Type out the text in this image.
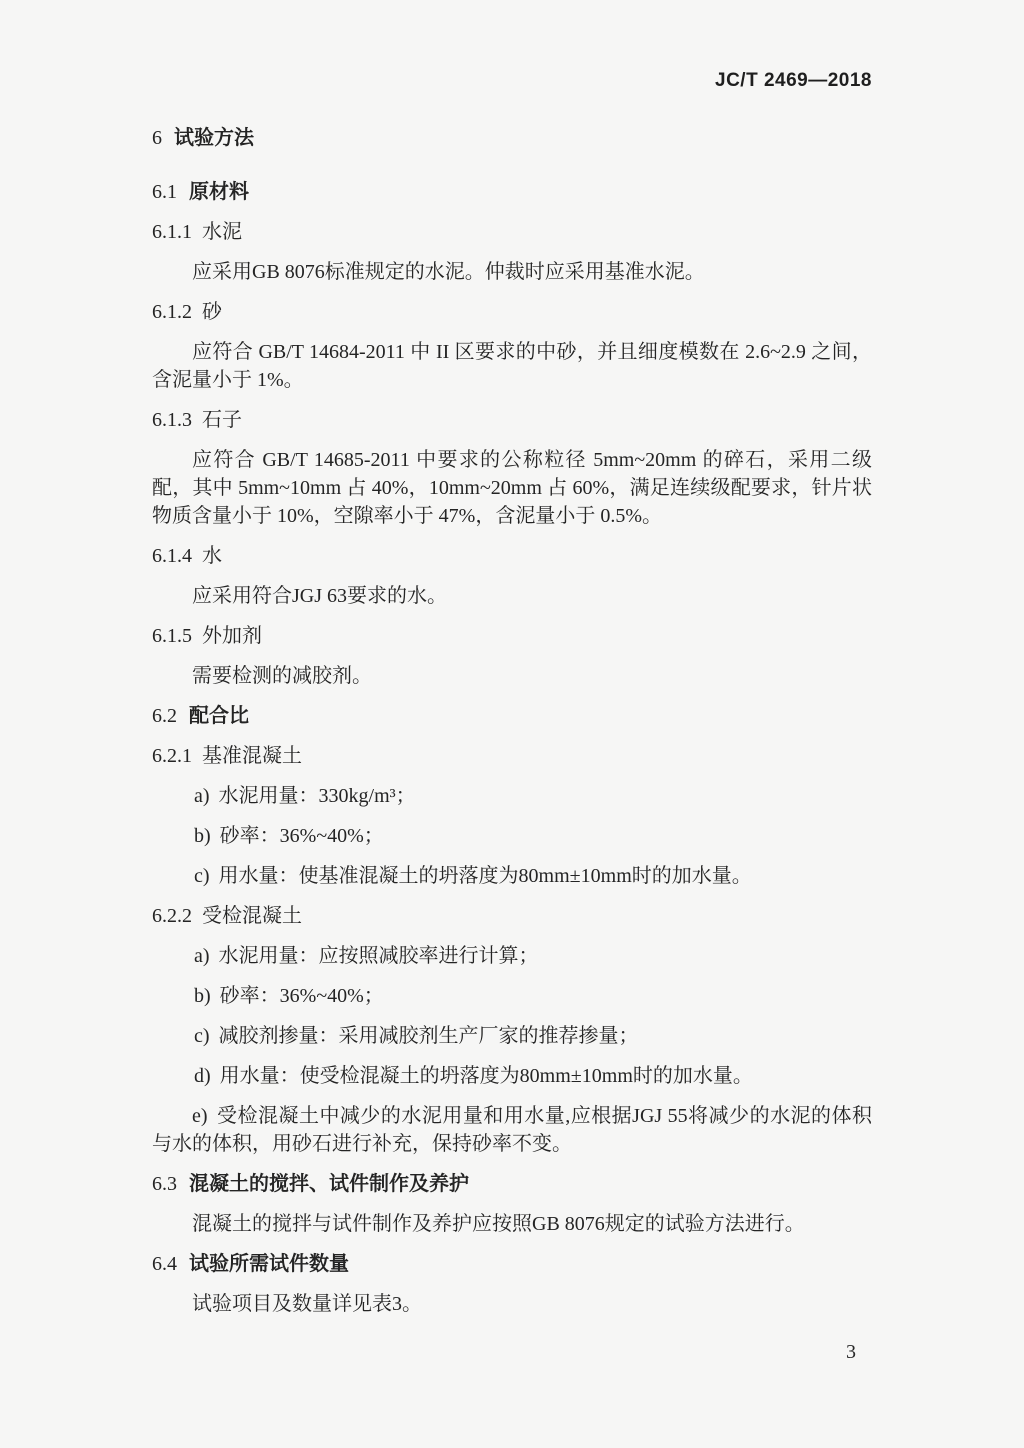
JC/T 2469—2018
6 试验方法
6.1 原材料
6.1.1 水泥

应采用GB 8076标准规定的水泥。仲裁时应采用基准水泥。

6.1.2 砂

应符合 GB/T 14684-2011 中 II 区要求的中砂，并且细度模数在 2.6~2.9 之间，含泥量小于 1%。

6.1.3 石子

应符合 GB/T 14685-2011 中要求的公称粒径 5mm~20mm 的碎石，采用二级配，其中 5mm~10mm 占 40%，10mm~20mm 占 60%，满足连续级配要求，针片状物质含量小于 10%，空隙率小于 47%，含泥量小于 0.5%。

6.1.4 水

应采用符合JGJ 63要求的水。

6.1.5 外加剂

需要检测的减胶剂。

6.2 配合比
6.2.1 基准混凝土
a) 水泥用量：330kg/m³；
b) 砂率：36%~40%；
c) 用水量：使基准混凝土的坍落度为80mm±10mm时的加水量。
6.2.2 受检混凝土
a) 水泥用量：应按照减胶率进行计算；
b) 砂率：36%~40%；
c) 减胶剂掺量：采用减胶剂生产厂家的推荐掺量；
d) 用水量：使受检混凝土的坍落度为80mm±10mm时的加水量。

e) 受检混凝土中减少的水泥用量和用水量,应根据JGJ 55将减少的水泥的体积与水的体积，用砂石进行补充，保持砂率不变。

6.3 混凝土的搅拌、试件制作及养护

混凝土的搅拌与试件制作及养护应按照GB 8076规定的试验方法进行。

6.4 试验所需试件数量

试验项目及数量详见表3。

3
